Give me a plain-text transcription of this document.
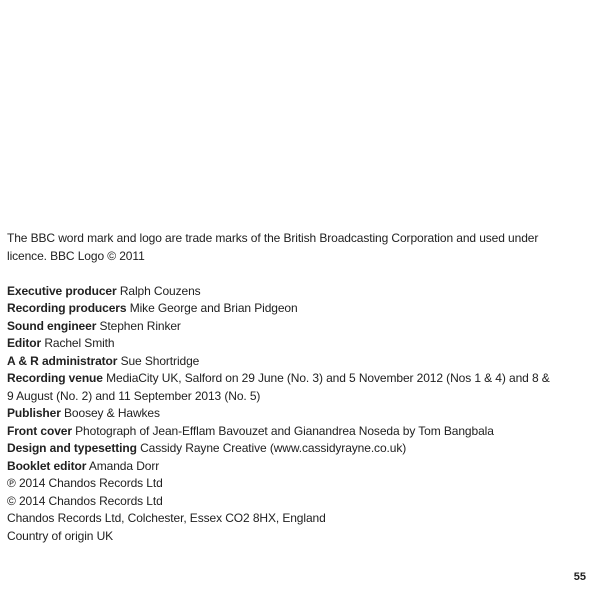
The BBC word mark and logo are trade marks of the British Broadcasting Corporation and used under licence. BBC Logo © 2011

Executive producer Ralph Couzens
Recording producers Mike George and Brian Pidgeon
Sound engineer Stephen Rinker
Editor Rachel Smith
A & R administrator Sue Shortridge
Recording venue MediaCity UK, Salford on 29 June (No. 3) and 5 November 2012 (Nos 1 & 4) and 8 & 9 August (No. 2) and 11 September 2013 (No. 5)
Publisher Boosey & Hawkes
Front cover Photograph of Jean-Efflam Bavouzet and Gianandrea Noseda by Tom Bangbala
Design and typesetting Cassidy Rayne Creative (www.cassidyrayne.co.uk)
Booklet editor Amanda Dorr
℗ 2014 Chandos Records Ltd
© 2014 Chandos Records Ltd
Chandos Records Ltd, Colchester, Essex CO2 8HX, England
Country of origin UK
55
